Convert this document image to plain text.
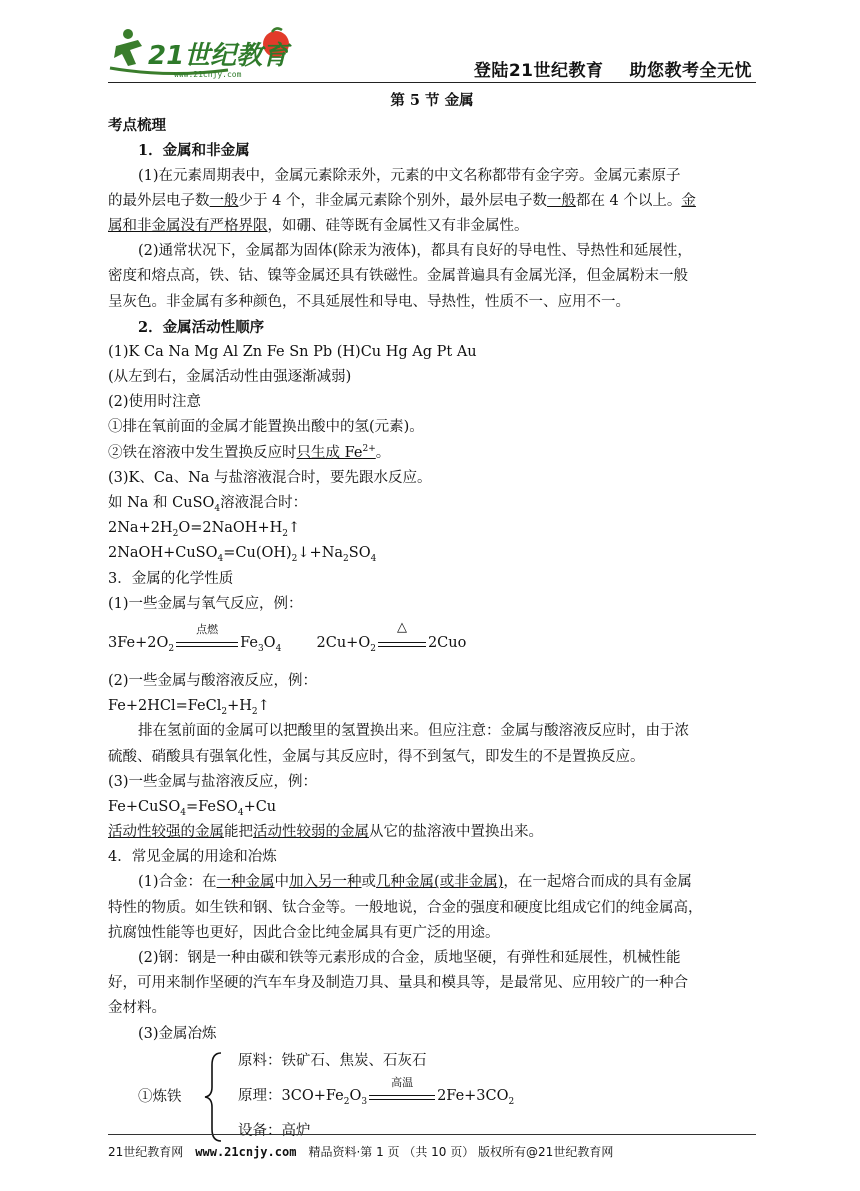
21世纪教育
www.21cnjy.com	登陆21世纪教育 助您教考全无忧
第 5 节 金属
考点梳理
1．金属和非金属
(1)在元素周期表中，金属元素除汞外，元素的中文名称都带有金字旁。金属元素原子
的最外层电子数一般少于 4 个，非金属元素除个别外，最外层电子数一般都在 4 个以上。金
属和非金属没有严格界限，如硼、硅等既有金属性又有非金属性。
(2)通常状况下，金属都为固体(除汞为液体)，都具有良好的导电性、导热性和延展性，
密度和熔点高，铁、钴、镍等金属还具有铁磁性。金属普遍具有金属光泽，但金属粉末一般
呈灰色。非金属有多种颜色，不具延展性和导电、导热性，性质不一、应用不一。
2．金属活动性顺序
(1)K Ca Na Mg Al Zn Fe Sn Pb (H)Cu Hg Ag Pt Au
(从左到右，金属活动性由强逐渐减弱)
(2)使用时注意
①排在氧前面的金属才能置换出酸中的氢(元素)。
②铁在溶液中发生置换反应时只生成 $Fe^{2+}$。
(3)K、Ca、Na 与盐溶液混合时，要先跟水反应。
如 Na 和 CuSO$_4$溶液混合时：
$2Na+2H_2O=2NaOH+H_2↑$
$2NaOH+CuSO_4=Cu(OH)_2↓+Na_2SO_4$
3．金属的化学性质
(1)一些金属与氧气反应，例：
$3Fe+2O_2$
点燃
$Fe_3O_4$ $2Cu+O_2$
△
2Cuo
(2)一些金属与酸溶液反应，例：
$Fe+2HCl=FeCl_2+H_2↑$
排在氢前面的金属可以把酸里的氢置换出来。但应注意：金属与酸溶液反应时，由于浓
硫酸、硝酸具有强氧化性，金属与其反应时，得不到氢气，即发生的不是置换反应。
(3)一些金属与盐溶液反应，例：
Fe+CuSO$_4$=FeSO$_4$+Cu
活动性较强的金属能把活动性较弱的金属从它的盐溶液中置换出来。
4．常见金属的用途和冶炼
(1)合金：在一种金属中加入另一种或几种金属(或非金属)，在一起熔合而成的具有金属
特性的物质。如生铁和钢、钛合金等。一般地说，合金的强度和硬度比组成它们的纯金属高，
抗腐蚀性能等也更好，因此合金比纯金属具有更广泛的用途。
(2)钢：钢是一种由碳和铁等元素形成的合金，质地坚硬，有弹性和延展性，机械性能
好，可用来制作坚硬的汽车车身及制造刀具、量具和模具等，是最常见、应用较广的一种合
金材料。
(3)金属冶炼
①炼铁
原料：铁矿石、焦炭、石灰石
原理：$3CO+Fe_2O_3$
高温
$2Fe+3CO_2$
设备：高炉
21世纪教育网 www.21cnjy.com 精品资料·第 1 页 （共 10 页） 版权所有@21世纪教育网
